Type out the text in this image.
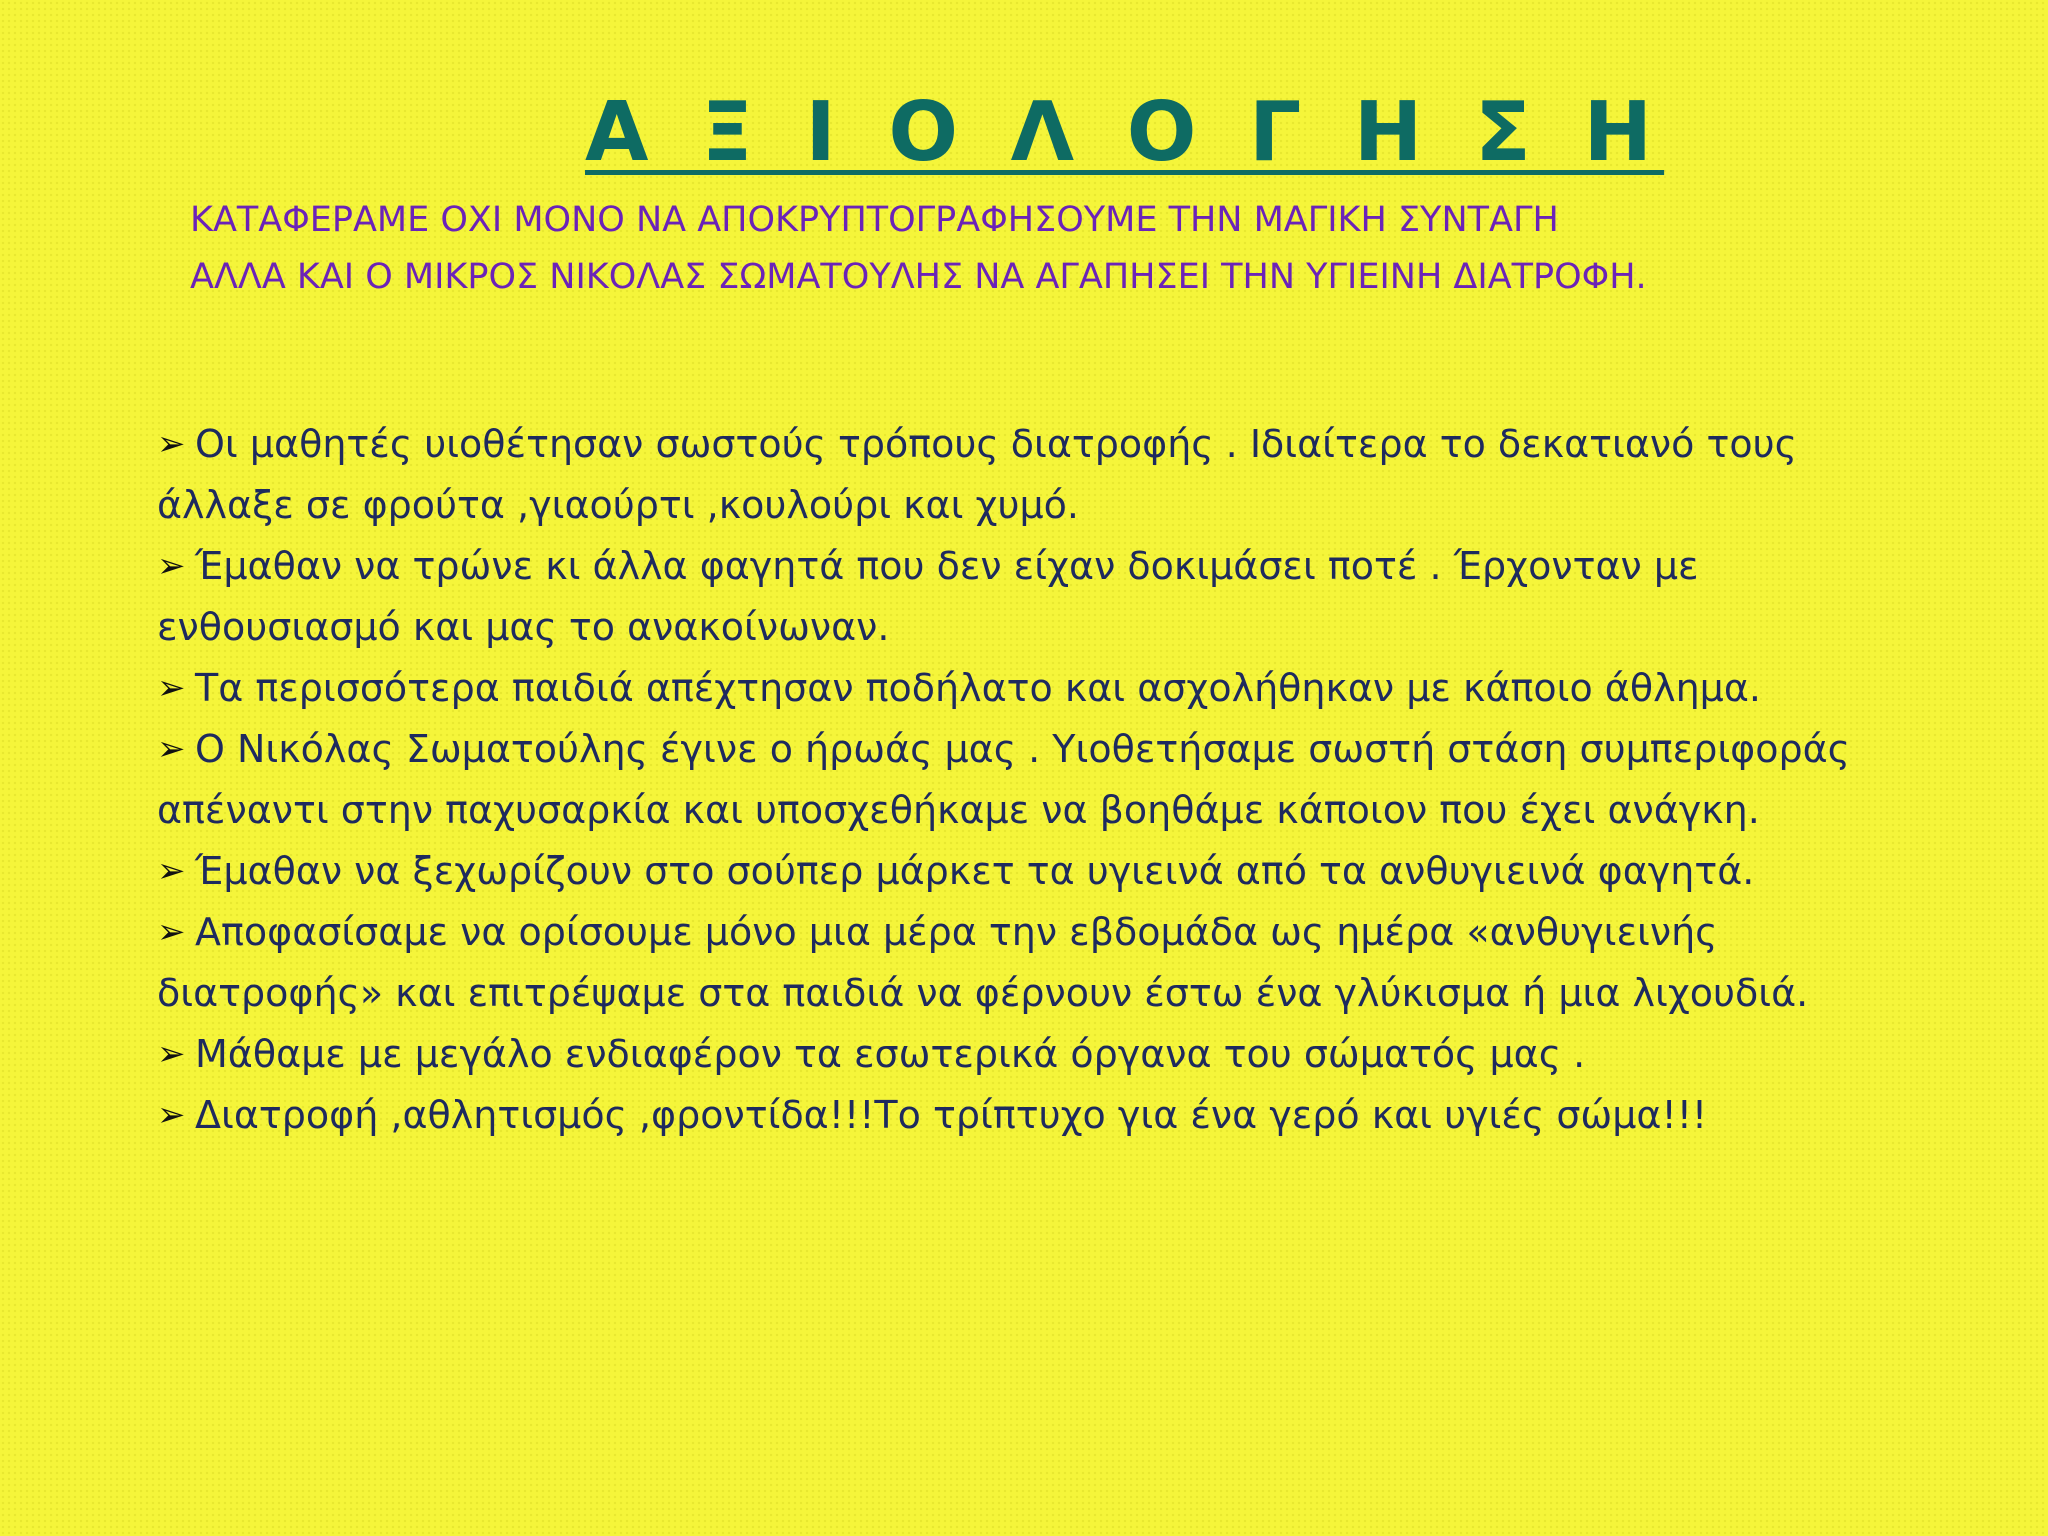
Α Ξ Ι Ο Λ Ο Γ Η Σ Η
ΚΑΤΑΦΕΡΑΜΕ ΟΧΙ ΜΟΝΟ ΝΑ ΑΠΟΚΡΥΠΤΟΓΡΑΦΗΣΟΥΜΕ ΤΗΝ ΜΑΓΙΚΗ ΣΥΝΤΑΓΗ
ΑΛΛΑ ΚΑΙ Ο ΜΙΚΡΟΣ ΝΙΚΟΛΑΣ ΣΩΜΑΤΟΥΛΗΣ ΝΑ ΑΓΑΠΗΣΕΙ ΤΗΝ ΥΓΙΕΙΝΗ ΔΙΑΤΡΟΦΗ.
➢ Οι μαθητές υιοθέτησαν σωστούς τρόπους διατροφής . Ιδιαίτερα το δεκατιανό τους άλλαξε σε φρούτα ,γιαούρτι ,κουλούρι και χυμό.
➢ Έμαθαν να τρώνε κι άλλα φαγητά που δεν είχαν δοκιμάσει ποτέ . Έρχονταν με ενθουσιασμό και μας το ανακοίνωναν.
➢ Τα περισσότερα παιδιά απέχτησαν ποδήλατο και ασχολήθηκαν με κάποιο άθλημα.
➢ Ο Νικόλας Σωματούλης έγινε ο ήρωάς μας . Υιοθετήσαμε σωστή στάση συμπεριφοράς απέναντι στην παχυσαρκία και υποσχεθήκαμε να βοηθάμε κάποιον που έχει ανάγκη.
➢ Έμαθαν να ξεχωρίζουν στο σούπερ μάρκετ τα υγιεινά από τα ανθυγιεινά φαγητά.
➢ Αποφασίσαμε να ορίσουμε μόνο μια μέρα την εβδομάδα ως ημέρα «ανθυγιεινής διατροφής» και επιτρέψαμε στα παιδιά να φέρνουν έστω ένα γλύκισμα ή μια λιχουδιά.
➢ Μάθαμε με μεγάλο ενδιαφέρον τα εσωτερικά όργανα του σώματός μας .
➢ Διατροφή ,αθλητισμός ,φροντίδα!!!Το τρίπτυχο για ένα γερό και υγιές σώμα!!!
